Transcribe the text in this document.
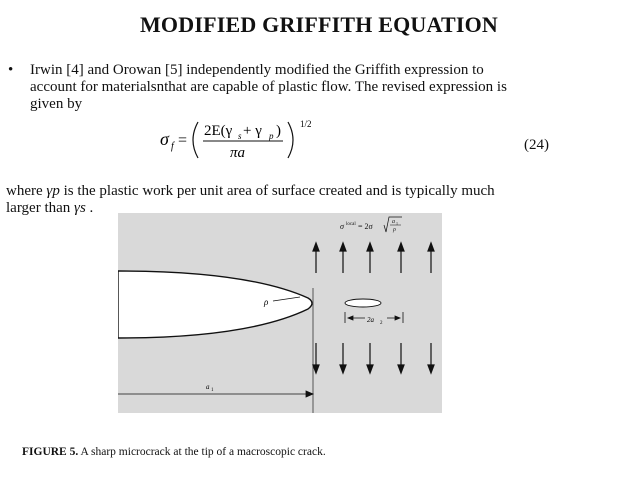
MODIFIED GRIFFITH EQUATION
• Irwin [4] and Orowan [5] independently modified the Griffith expression to
account for materialsnthat are capable of plastic flow. The revised expression is
given by
σ f =
2E(γ s + γ p )
πa
1/2
(24)
where γp is the plastic work per unit area of surface created and is typically much
larger than γs .
ρ
σ local = 2σ	a 1
ρ
2a 2
a 1
FIGURE 5. A sharp microcrack at the tip of a macroscopic crack.
